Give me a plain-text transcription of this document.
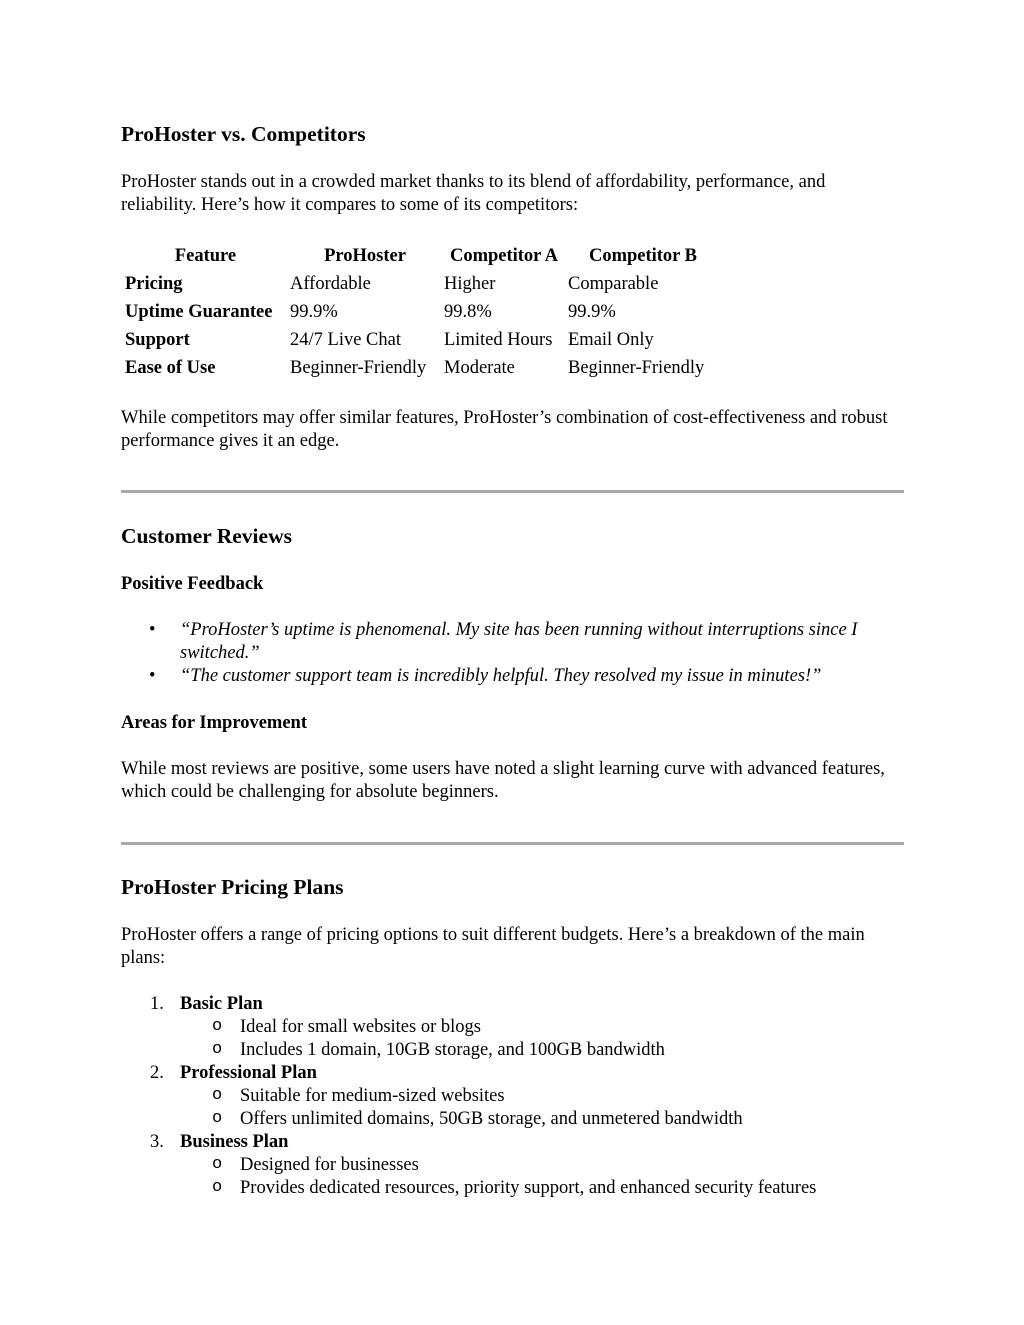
ProHoster vs. Competitors

ProHoster stands out in a crowded market thanks to its blend of affordability, performance, and reliability. Here’s how it compares to some of its competitors:

Feature	ProHoster	Competitor A	Competitor B
Pricing	Affordable	Higher	Comparable
Uptime Guarantee	99.9%	99.8%	99.9%
Support	24/7 Live Chat	Limited Hours	Email Only
Ease of Use	Beginner-Friendly	Moderate	Beginner-Friendly

While competitors may offer similar features, ProHoster’s combination of cost-effectiveness and robust performance gives it an edge.

Customer Reviews
Positive Feedback
• “ProHoster’s uptime is phenomenal. My site has been running without interruptions since I switched.”
• “The customer support team is incredibly helpful. They resolved my issue in minutes!”
Areas for Improvement

While most reviews are positive, some users have noted a slight learning curve with advanced features, which could be challenging for absolute beginners.

ProHoster Pricing Plans

ProHoster offers a range of pricing options to suit different budgets. Here’s a breakdown of the main plans:

1. Basic Plan
o Ideal for small websites or blogs
o Includes 1 domain, 10GB storage, and 100GB bandwidth
2. Professional Plan
o Suitable for medium-sized websites
o Offers unlimited domains, 50GB storage, and unmetered bandwidth
3. Business Plan
o Designed for businesses
o Provides dedicated resources, priority support, and enhanced security features
